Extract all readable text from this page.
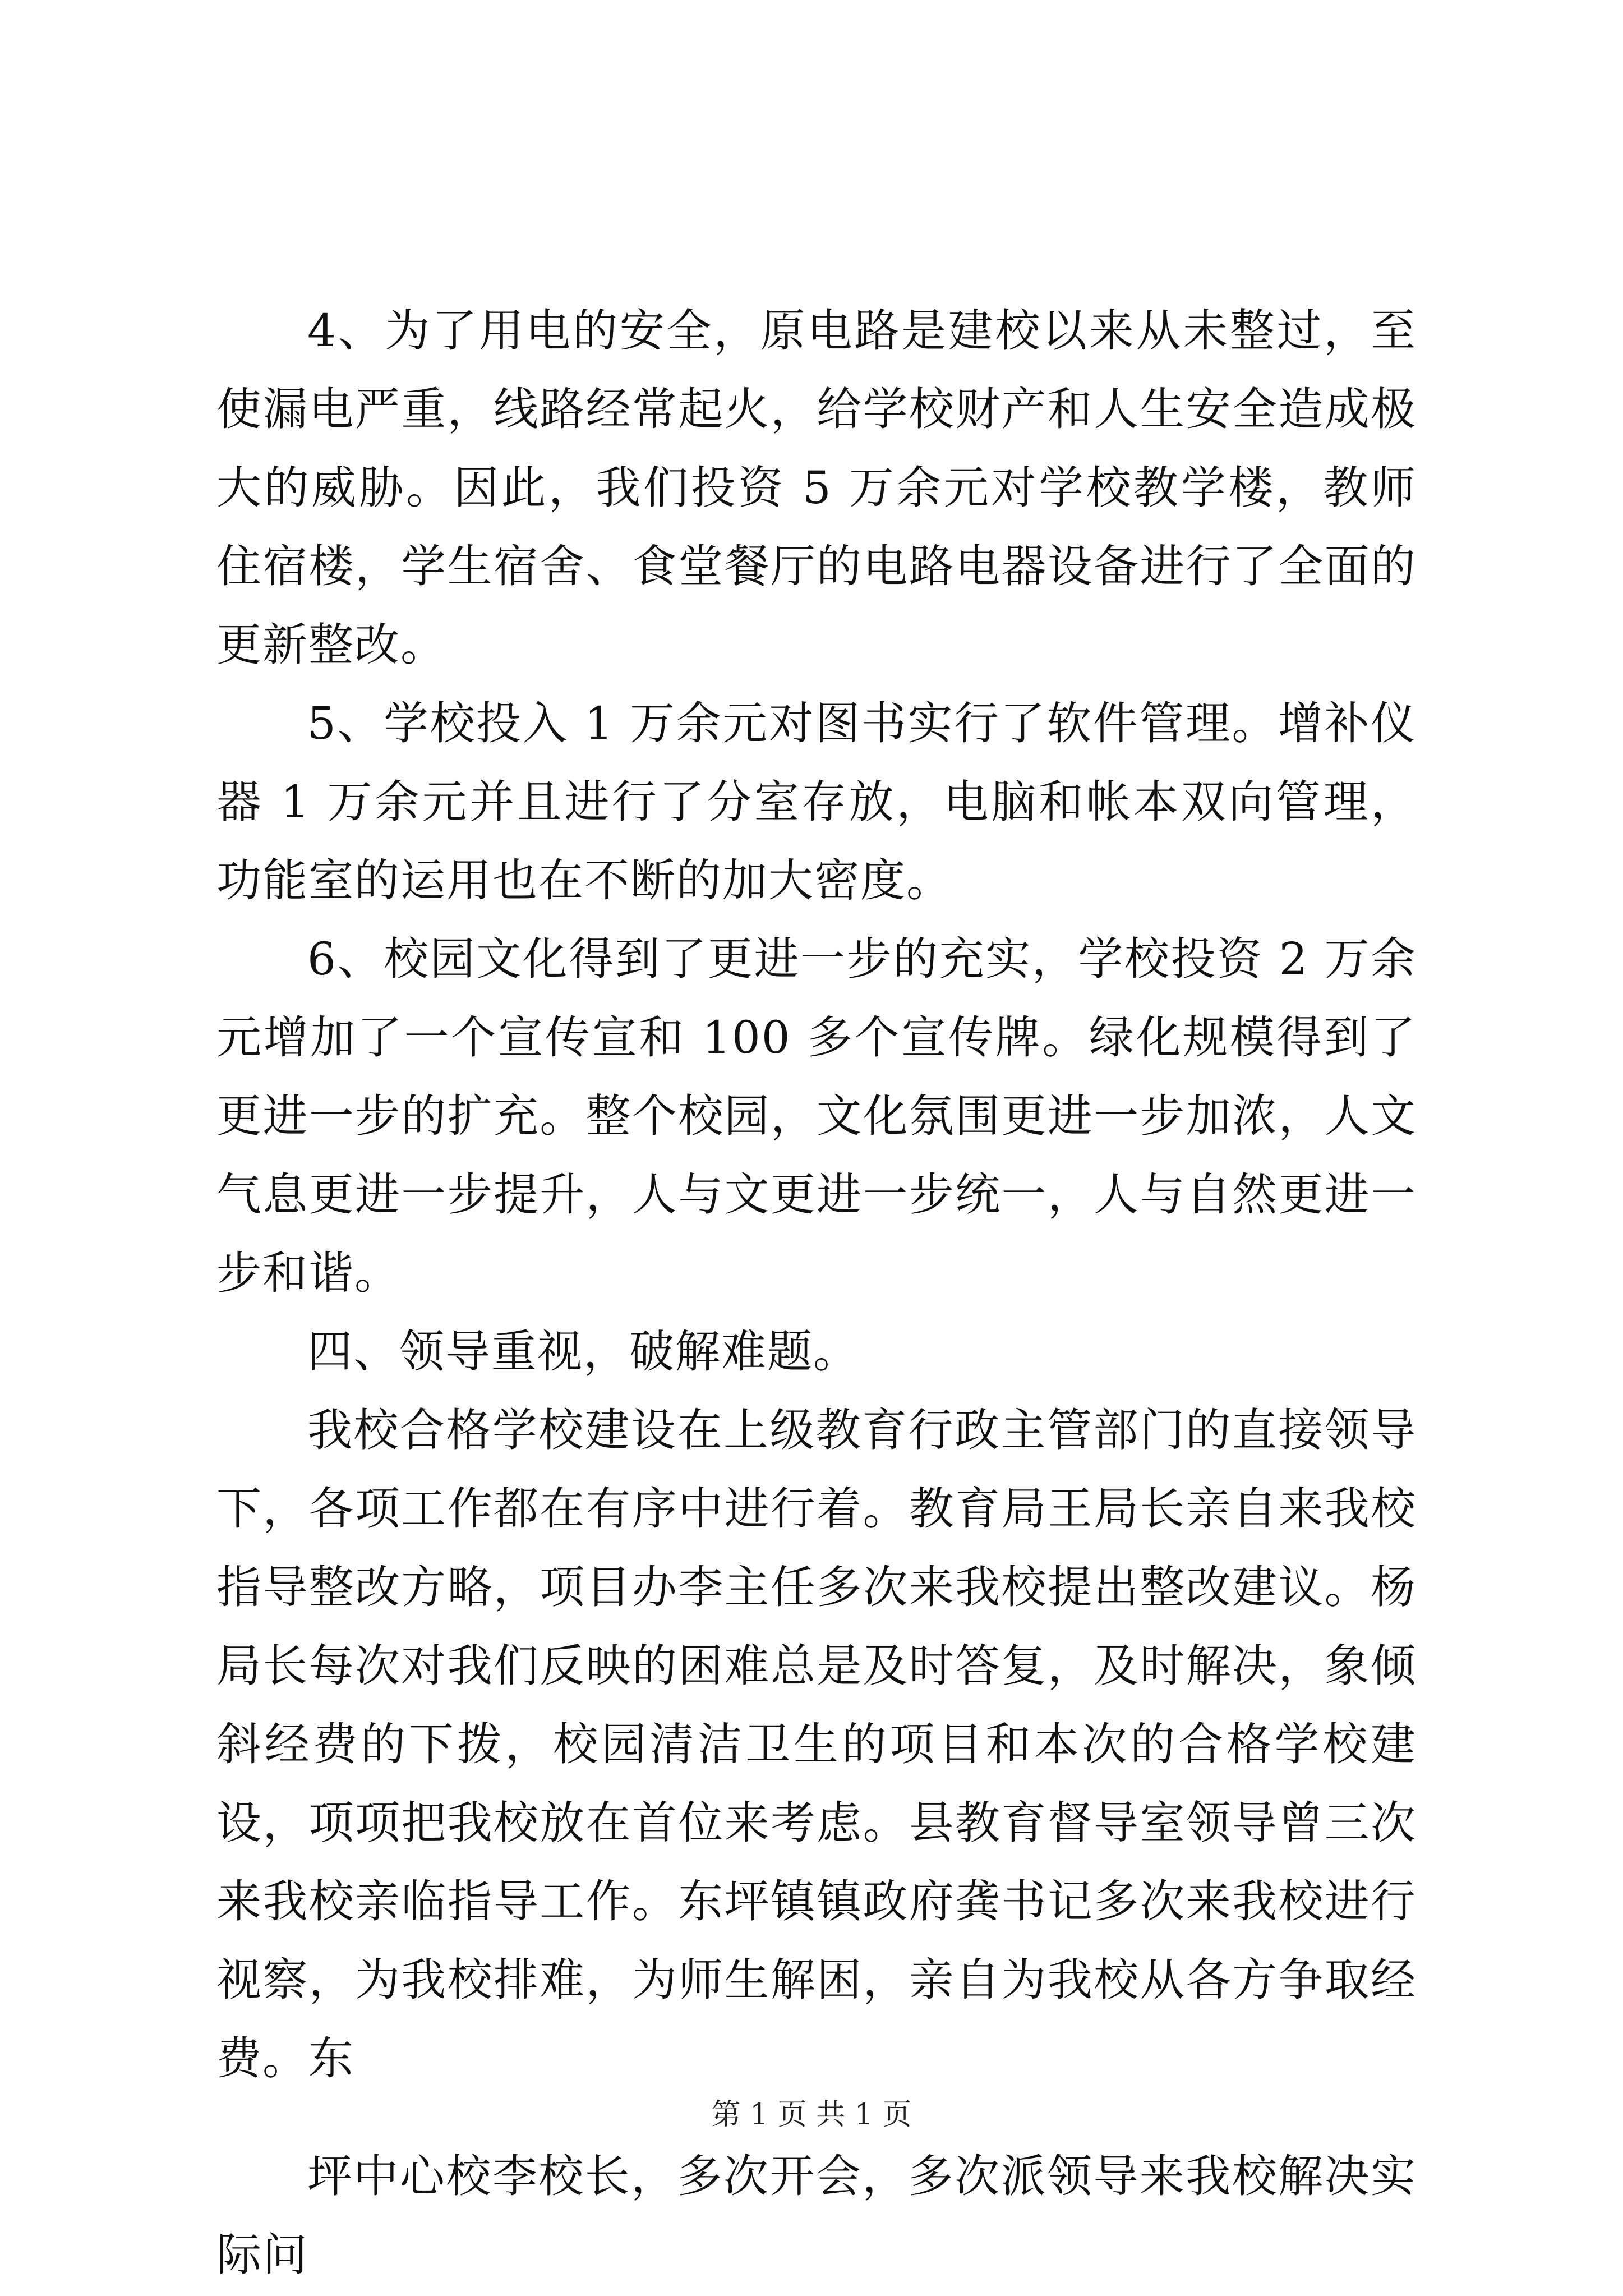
4、为了用电的安全，原电路是建校以来从未整过，至使漏电严重，线路经常起火，给学校财产和人生安全造成极大的威胁。因此，我们投资 5 万余元对学校教学楼，教师住宿楼，学生宿舍、食堂餐厅的电路电器设备进行了全面的更新整改。

5、学校投入 1 万余元对图书实行了软件管理。增补仪器 1 万余元并且进行了分室存放，电脑和帐本双向管理，功能室的运用也在不断的加大密度。

6、校园文化得到了更进一步的充实，学校投资 2 万余元增加了一个宣传宣和 100 多个宣传牌。绿化规模得到了更进一步的扩充。整个校园，文化氛围更进一步加浓，人文气息更进一步提升，人与文更进一步统一，人与自然更进一步和谐。

四、领导重视，破解难题。

我校合格学校建设在上级教育行政主管部门的直接领导下，各项工作都在有序中进行着。教育局王局长亲自来我校指导整改方略，项目办李主任多次来我校提出整改建议。杨局长每次对我们反映的困难总是及时答复，及时解决，象倾斜经费的下拨，校园清洁卫生的项目和本次的合格学校建设，项项把我校放在首位来考虑。县教育督导室领导曾三次来我校亲临指导工作。东坪镇镇政府龚书记多次来我校进行视察，为我校排难，为师生解困，亲自为我校从各方争取经费。东

坪中心校李校长，多次开会，多次派领导来我校解决实际问

第 1 页 共 1 页
